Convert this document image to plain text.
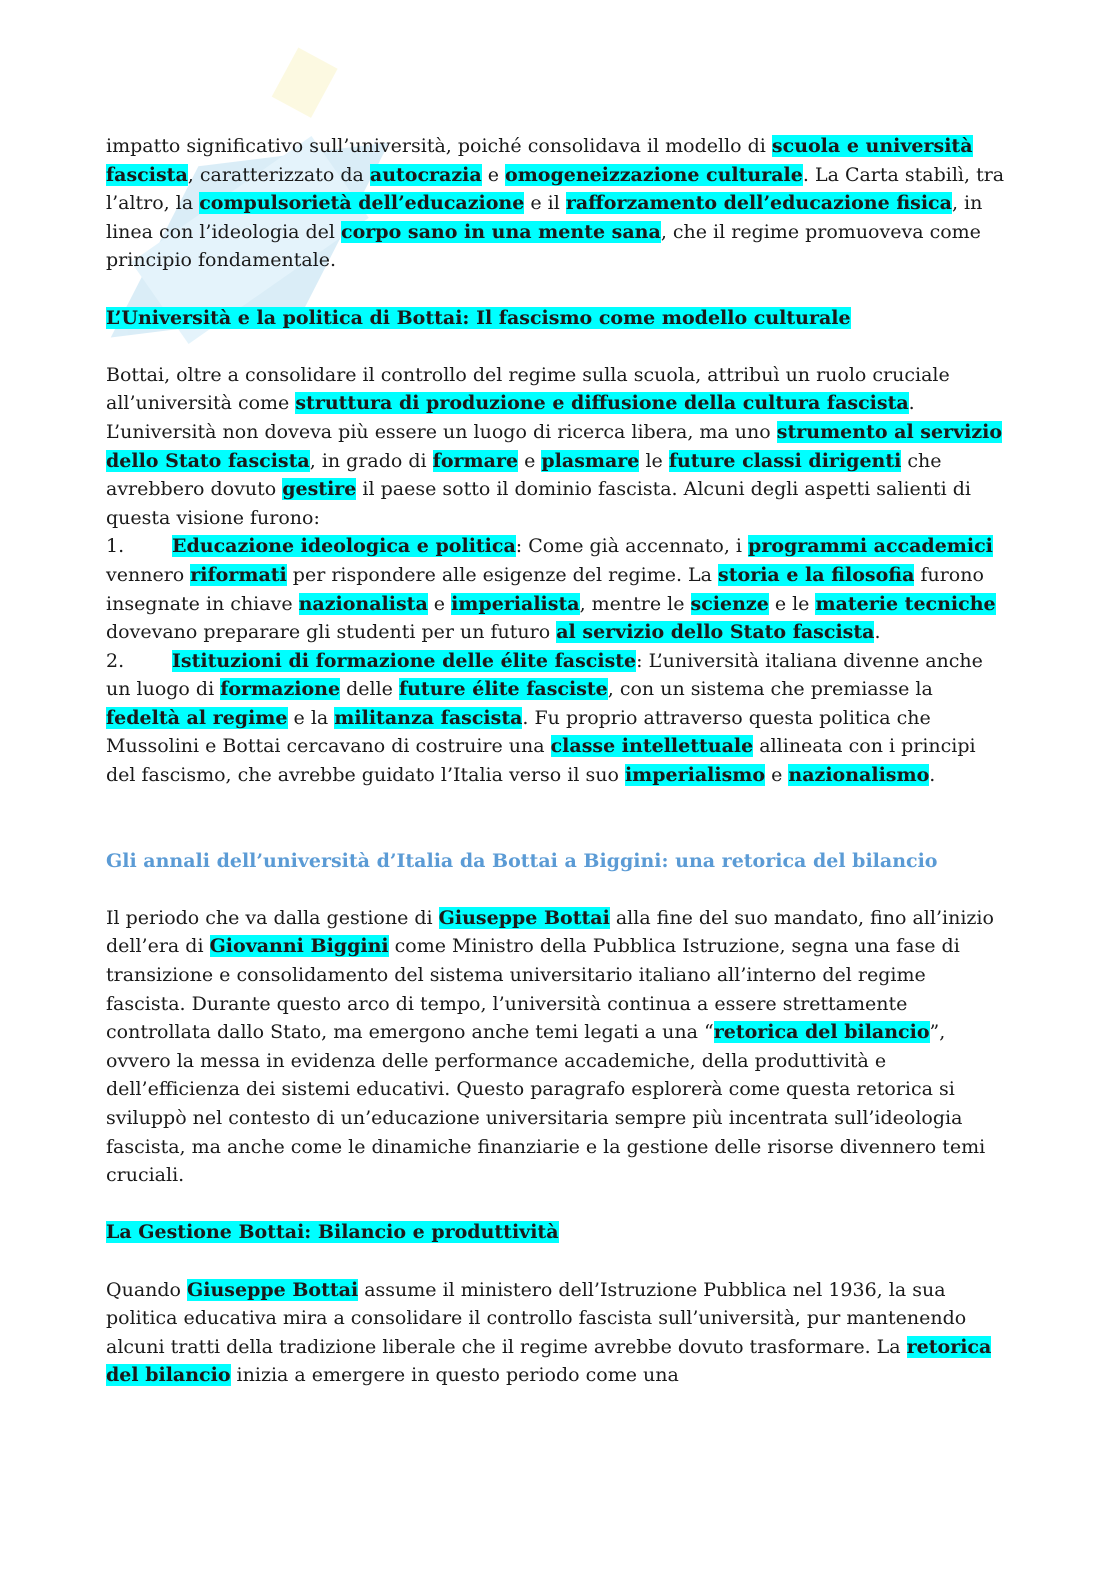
impatto significativo sull’università, poiché consolidava il modello di scuola e università fascista, caratterizzato da autocrazia e omogeneizzazione culturale. La Carta stabilì, tra l’altro, la compulsorietà dell’educazione e il rafforzamento dell’educazione fisica, in linea con l’ideologia del corpo sano in una mente sana, che il regime promuoveva come principio fondamentale.

L’Università e la politica di Bottai: Il fascismo come modello culturale

Bottai, oltre a consolidare il controllo del regime sulla scuola, attribuì un ruolo cruciale all’università come struttura di produzione e diffusione della cultura fascista. L’università non doveva più essere un luogo di ricerca libera, ma uno strumento al servizio dello Stato fascista, in grado di formare e plasmare le future classi dirigenti che avrebbero dovuto gestire il paese sotto il dominio fascista. Alcuni degli aspetti salienti di questa visione furono:

1.	Educazione ideologica e politica: Come già accennato, i programmi accademici vennero riformati per rispondere alle esigenze del regime. La storia e la filosofia furono insegnate in chiave nazionalista e imperialista, mentre le scienze e le materie tecniche dovevano preparare gli studenti per un futuro al servizio dello Stato fascista.

2.	Istituzioni di formazione delle élite fasciste: L’università italiana divenne anche un luogo di formazione delle future élite fasciste, con un sistema che premiasse la fedeltà al regime e la militanza fascista. Fu proprio attraverso questa politica che Mussolini e Bottai cercavano di costruire una classe intellettuale allineata con i principi del fascismo, che avrebbe guidato l’Italia verso il suo imperialismo e nazionalismo.

Gli annali dell’università d’Italia da Bottai a Biggini: una retorica del bilancio

Il periodo che va dalla gestione di Giuseppe Bottai alla fine del suo mandato, fino all’inizio dell’era di Giovanni Biggini come Ministro della Pubblica Istruzione, segna una fase di transizione e consolidamento del sistema universitario italiano all’interno del regime fascista. Durante questo arco di tempo, l’università continua a essere strettamente controllata dallo Stato, ma emergono anche temi legati a una “retorica del bilancio”, ovvero la messa in evidenza delle performance accademiche, della produttività e dell’efficienza dei sistemi educativi. Questo paragrafo esplorerà come questa retorica si sviluppò nel contesto di un’educazione universitaria sempre più incentrata sull’ideologia fascista, ma anche come le dinamiche finanziarie e la gestione delle risorse divennero temi cruciali.

La Gestione Bottai: Bilancio e produttività

Quando Giuseppe Bottai assume il ministero dell’Istruzione Pubblica nel 1936, la sua politica educativa mira a consolidare il controllo fascista sull’università, pur mantenendo alcuni tratti della tradizione liberale che il regime avrebbe dovuto trasformare. La retorica del bilancio inizia a emergere in questo periodo come una
